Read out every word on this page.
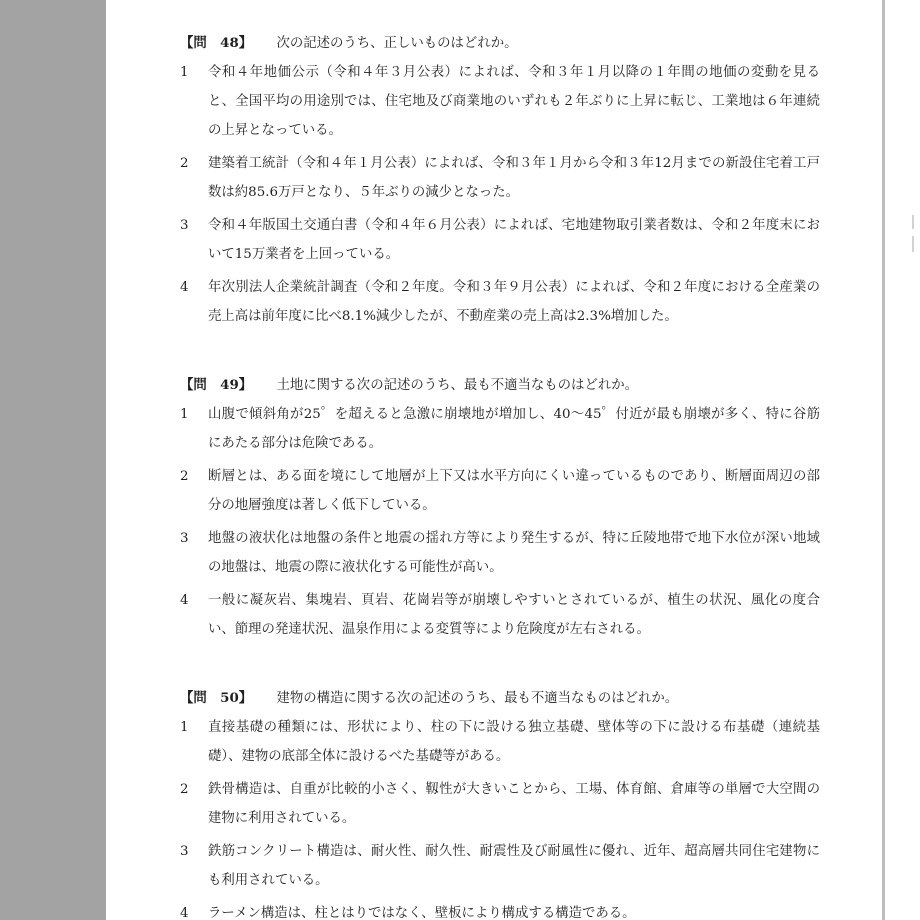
【問　48】 次の記述のうち、正しいものはどれか。
1	令和４年地価公示（令和４年３月公表）によれば、令和３年１月以降の１年間の地価の変動を見ると、全国平均の用途別では、住宅地及び商業地のいずれも２年ぶりに上昇に転じ、工業地は６年連続の上昇となっている。
2	建築着工統計（令和４年１月公表）によれば、令和３年１月から令和３年12月までの新設住宅着工戸数は約85.6万戸となり、５年ぶりの減少となった。
3	令和４年版国土交通白書（令和４年６月公表）によれば、宅地建物取引業者数は、令和２年度末において15万業者を上回っている。
4	年次別法人企業統計調査（令和２年度。令和３年９月公表）によれば、令和２年度における全産業の売上高は前年度に比べ8.1%減少したが、不動産業の売上高は2.3%増加した。
【問　49】 土地に関する次の記述のうち、最も不適当なものはどれか。
1	山腹で傾斜角が25゜を超えると急激に崩壊地が増加し、40〜45゜付近が最も崩壊が多く、特に谷筋にあたる部分は危険である。
2	断層とは、ある面を境にして地層が上下又は水平方向にくい違っているものであり、断層面周辺の部分の地層強度は著しく低下している。
3	地盤の液状化は地盤の条件と地震の揺れ方等により発生するが、特に丘陵地帯で地下水位が深い地域の地盤は、地震の際に液状化する可能性が高い。
4	一般に凝灰岩、集塊岩、頁岩、花崗岩等が崩壊しやすいとされているが、植生の状況、風化の度合い、節理の発達状況、温泉作用による変質等により危険度が左右される。
【問　50】 建物の構造に関する次の記述のうち、最も不適当なものはどれか。
1	直接基礎の種類には、形状により、柱の下に設ける独立基礎、壁体等の下に設ける布基礎（連続基礎）、建物の底部全体に設けるべた基礎等がある。
2	鉄骨構造は、自重が比較的小さく、靱性が大きいことから、工場、体育館、倉庫等の単層で大空間の建物に利用されている。
3	鉄筋コンクリート構造は、耐火性、耐久性、耐震性及び耐風性に優れ、近年、超高層共同住宅建物にも利用されている。
4	ラーメン構造は、柱とはりではなく、壁板により構成する構造である。
